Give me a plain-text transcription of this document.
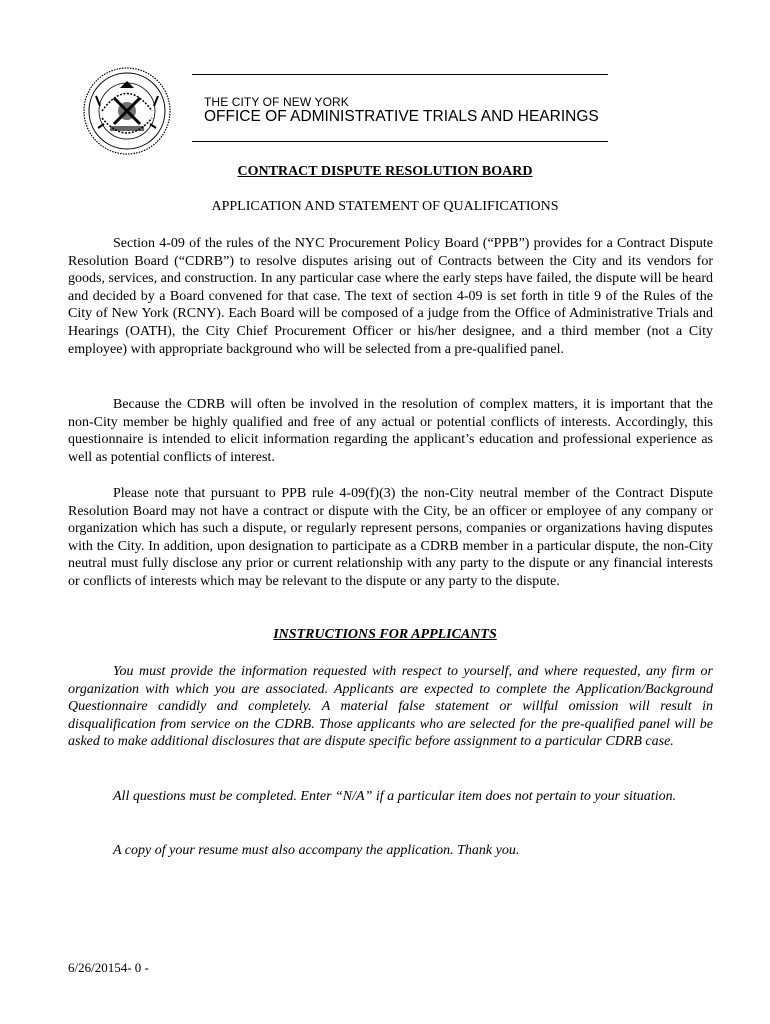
THE CITY OF NEW YORK
OFFICE OF ADMINISTRATIVE TRIALS AND HEARINGS
CONTRACT DISPUTE RESOLUTION BOARD
APPLICATION AND STATEMENT OF QUALIFICATIONS

Section 4-09 of the rules of the NYC Procurement Policy Board (“PPB”) provides for a Contract Dispute Resolution Board (“CDRB”) to resolve disputes arising out of Contracts between the City and its vendors for goods, services, and construction. In any particular case where the early steps have failed, the dispute will be heard and decided by a Board convened for that case. The text of section 4-09 is set forth in title 9 of the Rules of the City of New York (RCNY). Each Board will be composed of a judge from the Office of Administrative Trials and Hearings (OATH), the City Chief Procurement Officer or his/her designee, and a third member (not a City employee) with appropriate background who will be selected from a pre-qualified panel.

Because the CDRB will often be involved in the resolution of complex matters, it is important that the non-City member be highly qualified and free of any actual or potential conflicts of interests. Accordingly, this questionnaire is intended to elicit information regarding the applicant’s education and professional experience as well as potential conflicts of interest.

Please note that pursuant to PPB rule 4-09(f)(3) the non-City neutral member of the Contract Dispute Resolution Board may not have a contract or dispute with the City, be an officer or employee of any company or organization which has such a dispute, or regularly represent persons, companies or organizations having disputes with the City. In addition, upon designation to participate as a CDRB member in a particular dispute, the non-City neutral must fully disclose any prior or current relationship with any party to the dispute or any financial interests or conflicts of interests which may be relevant to the dispute or any party to the dispute.

INSTRUCTIONS FOR APPLICANTS

You must provide the information requested with respect to yourself, and where requested, any firm or organization with which you are associated. Applicants are expected to complete the Application/Background Questionnaire candidly and completely. A material false statement or willful omission will result in disqualification from service on the CDRB. Those applicants who are selected for the pre-qualified panel will be asked to make additional disclosures that are dispute specific before assignment to a particular CDRB case.

All questions must be completed. Enter “N/A” if a particular item does not pertain to your situation.

A copy of your resume must also accompany the application. Thank you.

6/26/20154- 0 -
